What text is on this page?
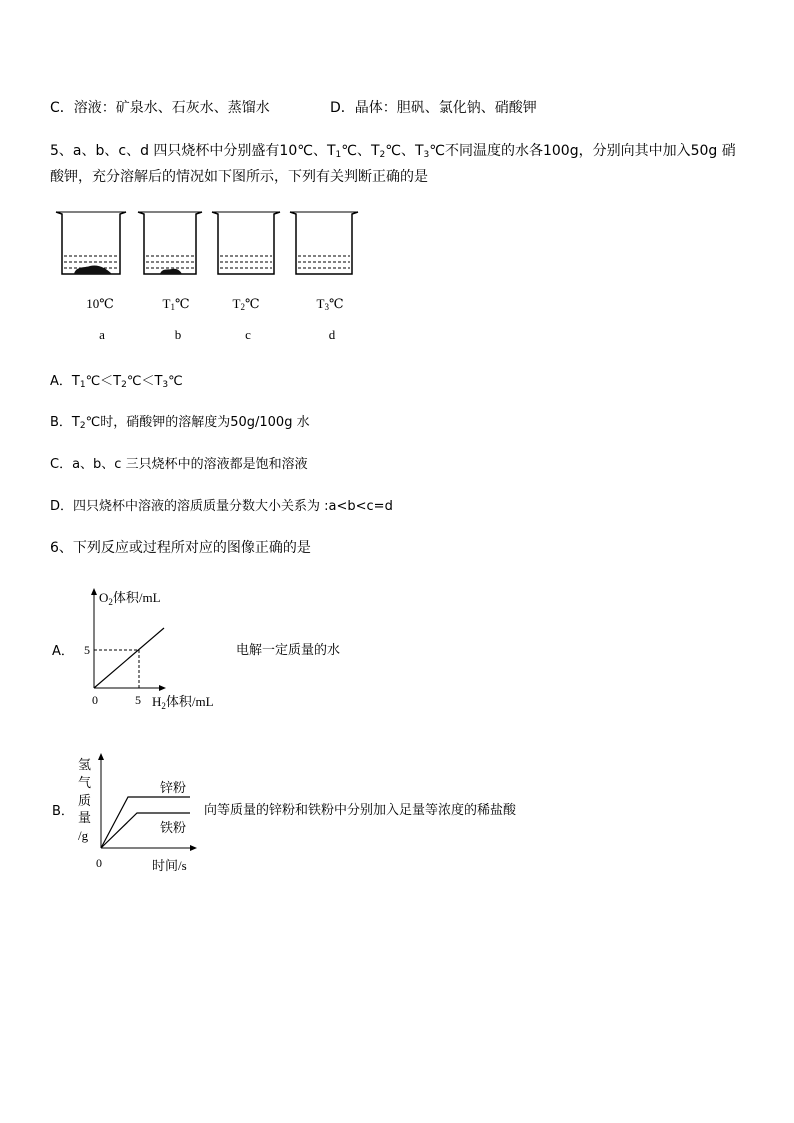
C．溶液：矿泉水、石灰水、蒸馏水	D．晶体：胆矾、氯化钠、硝酸钾
5、a、b、c、d 四只烧杯中分别盛有10℃、$T_1℃$、$T_2℃$、$T_3℃$不同温度的水各100g，分别向其中加入50g 硝
酸钾，充分溶解后的情况如下图所示，下列有关判断正确的是
10℃	$T_1℃$	$T_2℃$	$T_3℃$
a	b	c	d
A．$T_1℃<T_2℃<T_3℃$
B．$T_2℃$时，硝酸钾的溶解度为50g/100g 水
C．a、b、c 三只烧杯中的溶液都是饱和溶液
D．四只烧杯中溶液的溶质质量分数大小关系为 :a<b<c=d
6、下列反应或过程所对应的图像正确的是
A．
$O_2$体积/mL
5
0	5 $H_2$体积/mL
电解一定质量的水
B．
锌粉
铁粉
氢
气
质
量
/g
0	时间/s
向等质量的锌粉和铁粉中分别加入足量等浓度的稀盐酸
